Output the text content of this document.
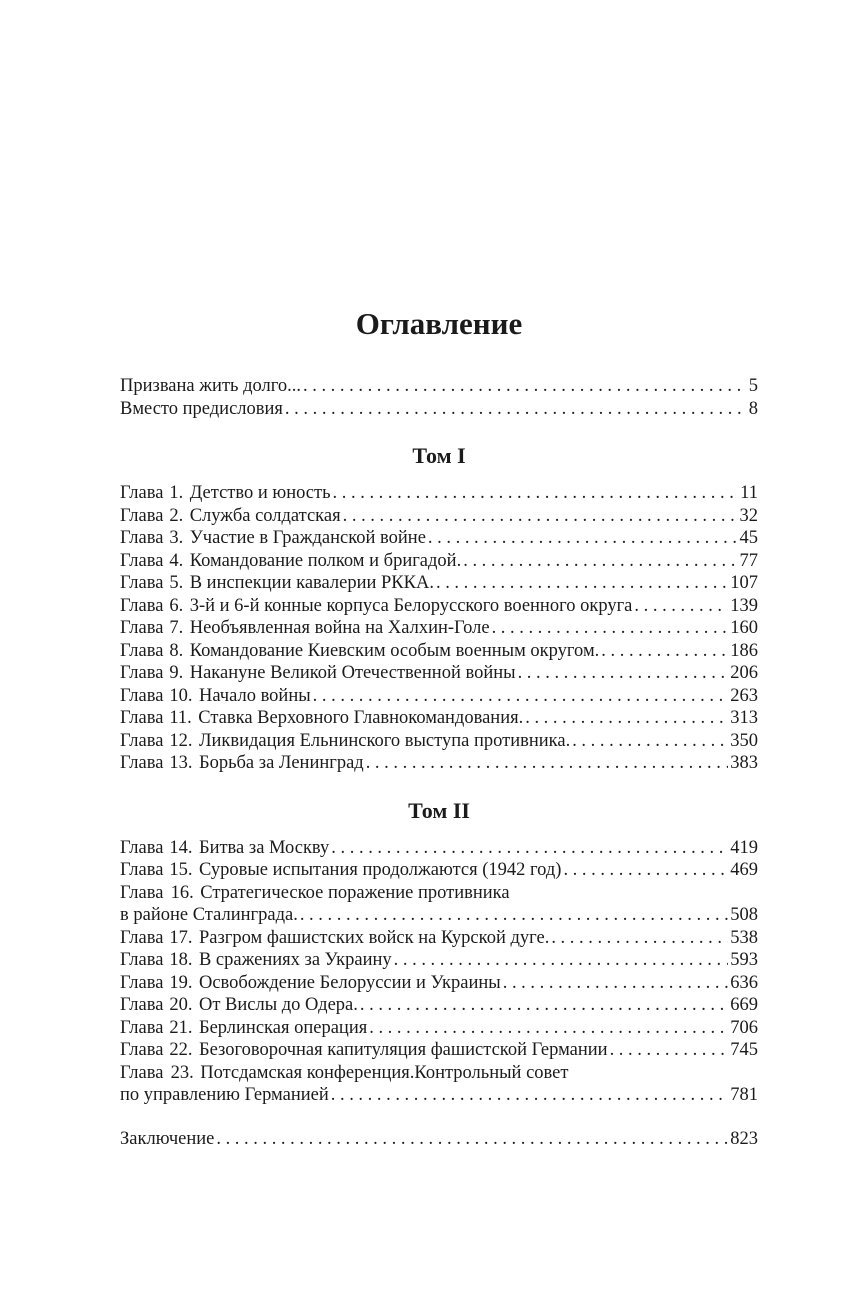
Оглавление
Призвана жить долго... .....	5
Вместо предисловия .....	8
Том I
Глава 1. Детство и юность .....	11
Глава 2. Служба солдатская .....	32
Глава 3. Участие в Гражданской войне .....	45
Глава 4. Командование полком и бригадой. .....	77
Глава 5. В инспекции кавалерии РККА. .....	107
Глава 6. 3-й и 6-й конные корпуса Белорусского военного округа .....	139
Глава 7. Необъявленная война на Халхин-Голе .....	160
Глава 8. Командование Киевским особым военным округом. .....	186
Глава 9. Накануне Великой Отечественной войны .....	206
Глава 10. Начало войны .....	263
Глава 11. Ставка Верховного Главнокомандования. .....	313
Глава 12. Ликвидация Ельнинского выступа противника. .....	350
Глава 13. Борьба за Ленинград .....	383
Том II
Глава 14. Битва за Москву .....	419
Глава 15. Суровые испытания продолжаются (1942 год) .....	469
Глава 16. Стратегическое поражение противника
в районе Сталинграда. .....	508
Глава 17. Разгром фашистских войск на Курской дуге. .....	538
Глава 18. В сражениях за Украину .....	593
Глава 19. Освобождение Белоруссии и Украины .....	636
Глава 20. От Вислы до Одера. .....	669
Глава 21. Берлинская операция .....	706
Глава 22. Безоговорочная капитуляция фашистской Германии .....	745
Глава 23. Потсдамская конференция.Контрольный совет
по управлению Германией .....	781
Заключение .....	823
